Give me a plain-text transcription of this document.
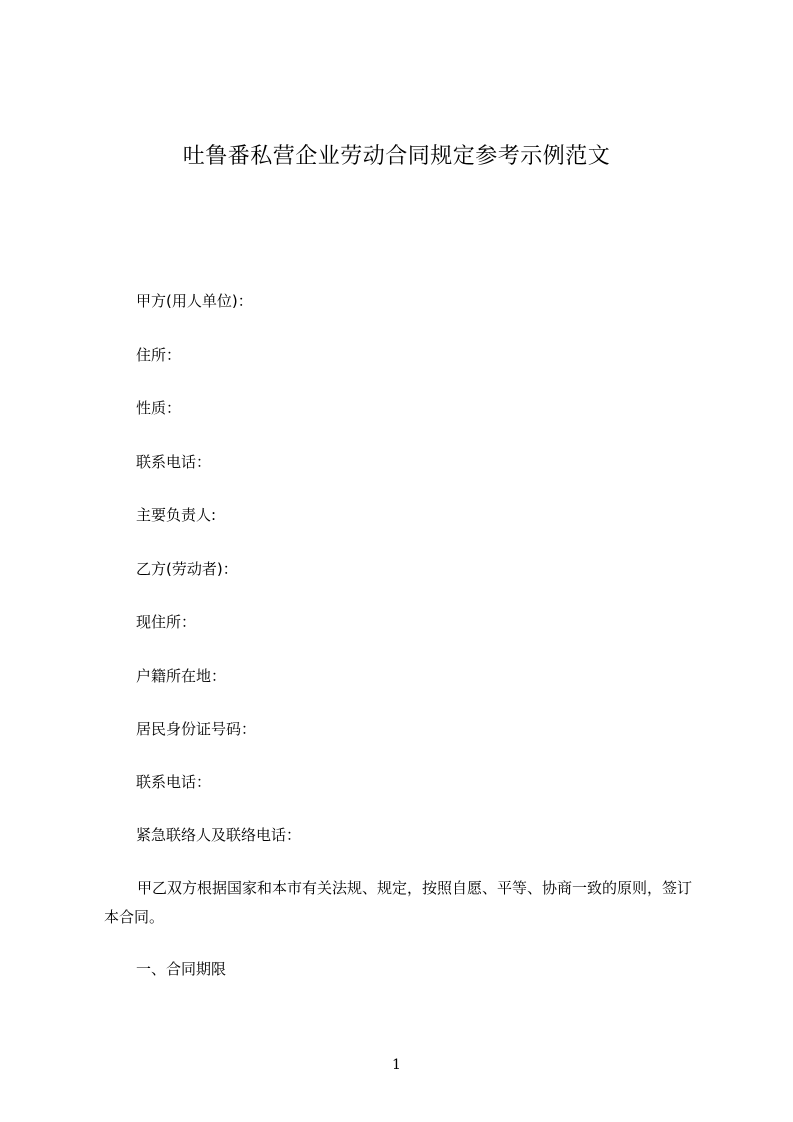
吐鲁番私营企业劳动合同规定参考示例范文
甲方(用人单位)：
住所：
性质：
联系电话：
主要负责人:
乙方(劳动者)：
现住所：
户籍所在地：
居民身份证号码：
联系电话：
紧急联络人及联络电话：
甲乙双方根据国家和本市有关法规、规定，按照自愿、平等、协商一致的原则，签订本合同。
一、合同期限
1
